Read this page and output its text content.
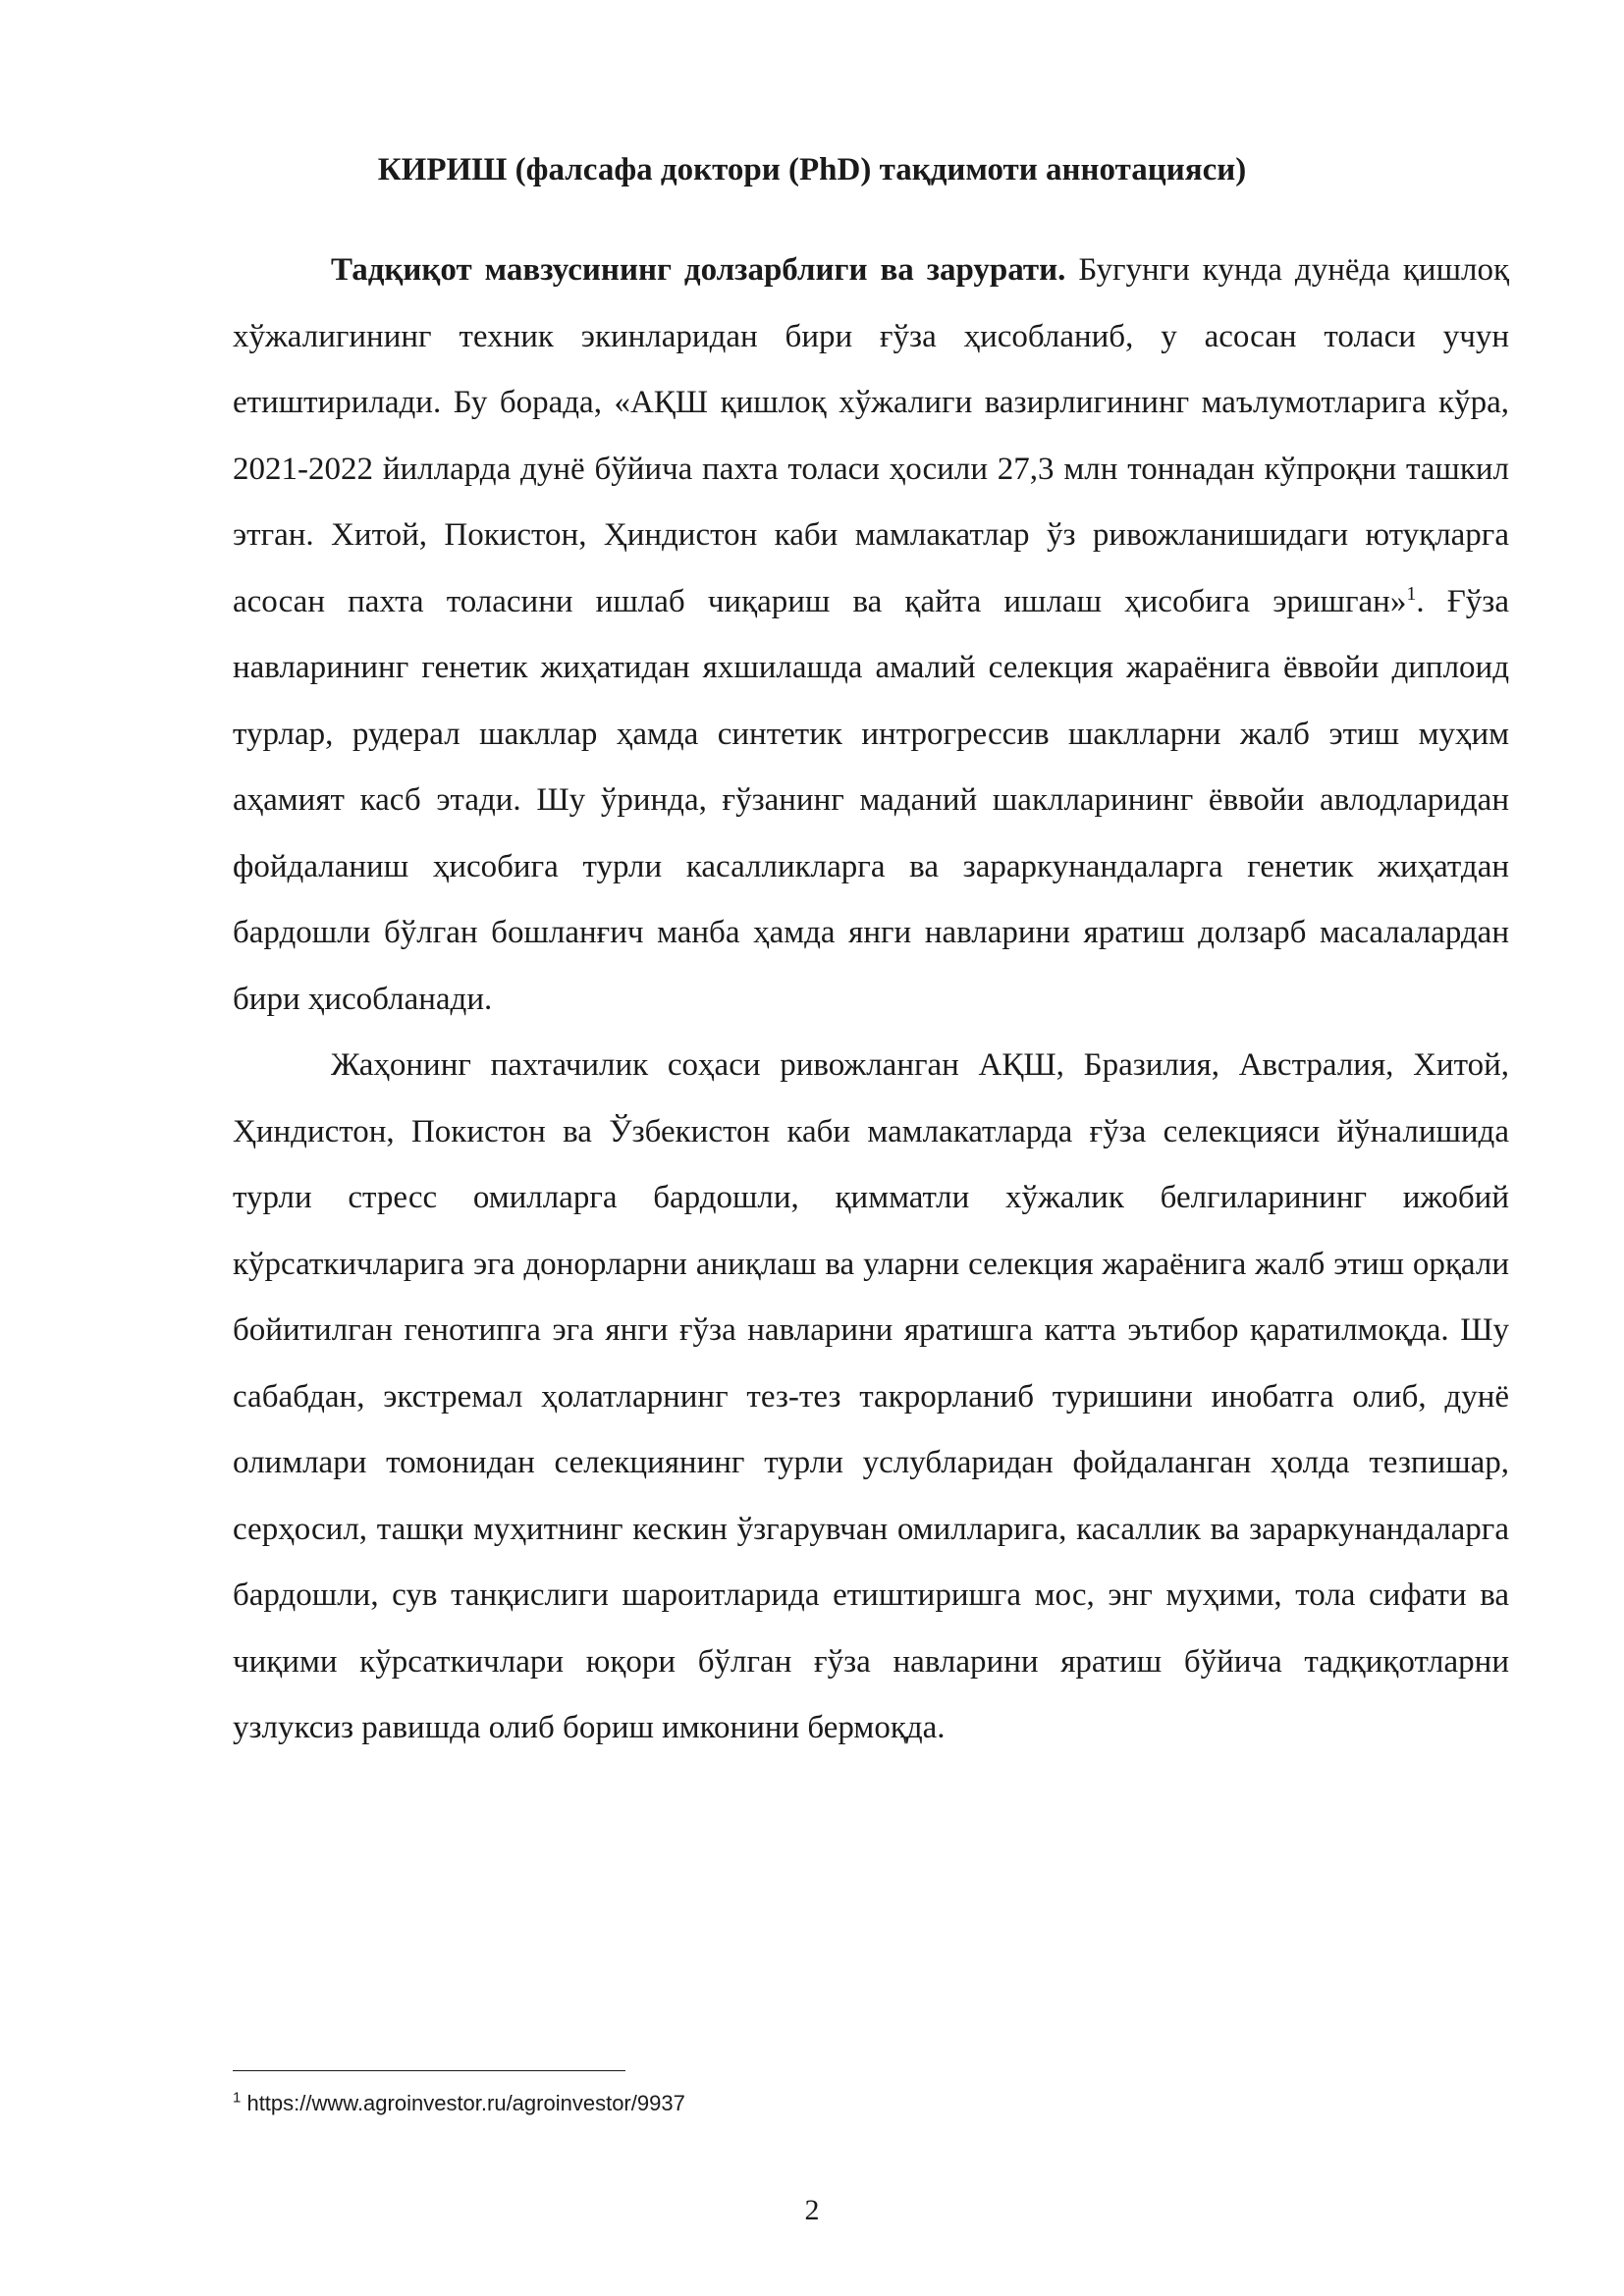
КИРИШ (фалсафа доктори (PhD) тақдимоти аннотацияси)

Тадқиқот мавзусининг долзарблиги ва зарурати. Бугунги кунда дунёда қишлоқ хўжалигининг техник экинларидан бири ғўза ҳисобланиб, у асосан толаси учун етиштирилади. Бу борада, «АҚШ қишлоқ хўжалиги вазирлигининг маълумотларига кўра, 2021-2022 йилларда дунё бўйича пахта толаси ҳосили 27,3 млн тоннадан кўпроқни ташкил этган. Хитой, Покистон, Ҳиндистон каби мамлакатлар ўз ривожланишидаги ютуқларга асосан пахта толасини ишлаб чиқариш ва қайта ишлаш ҳисобига эришган»$^1$. Ғўза навларининг генетик жиҳатидан яхшилашда амалий селекция жараёнига ёввойи диплоид турлар, рудерал шакллар ҳамда синтетик интрогрессив шаклларни жалб этиш муҳим аҳамият касб этади. Шу ўринда, ғўзанинг маданий шаклларининг ёввойи авлодларидан фойдаланиш ҳисобига турли касалликларга ва зараркунандаларга генетик жиҳатдан бардошли бўлган бошланғич манба ҳамда янги навларини яратиш долзарб масалалардан бири ҳисобланади.

Жаҳонинг пахтачилик соҳаси ривожланган АҚШ, Бразилия, Австралия, Хитой, Ҳиндистон, Покистон ва Ўзбекистон каби мамлакатларда ғўза селекцияси йўналишида турли стресс омилларга бардошли, қимматли хўжалик белгиларининг ижобий кўрсаткичларига эга донорларни аниқлаш ва уларни селекция жараёнига жалб этиш орқали бойитилган генотипга эга янги ғўза навларини яратишга катта эътибор қаратилмоқда. Шу сабабдан, экстремал ҳолатларнинг тез-тез такрорланиб туришини инобатга олиб, дунё олимлари томонидан селекциянинг турли услубларидан фойдаланган ҳолда тезпишар, серҳосил, ташқи муҳитнинг кескин ўзгарувчан омилларига, касаллик ва зараркунандаларга бардошли, сув танқислиги шароитларида етиштиришга мос, энг муҳими, тола сифати ва чиқими кўрсаткичлари юқори бўлган ғўза навларини яратиш бўйича тадқиқотларни узлуксиз равишда олиб бориш имконини бермоқда.

$^1$ https://www.agroinvestor.ru/agroinvestor/9937

2
